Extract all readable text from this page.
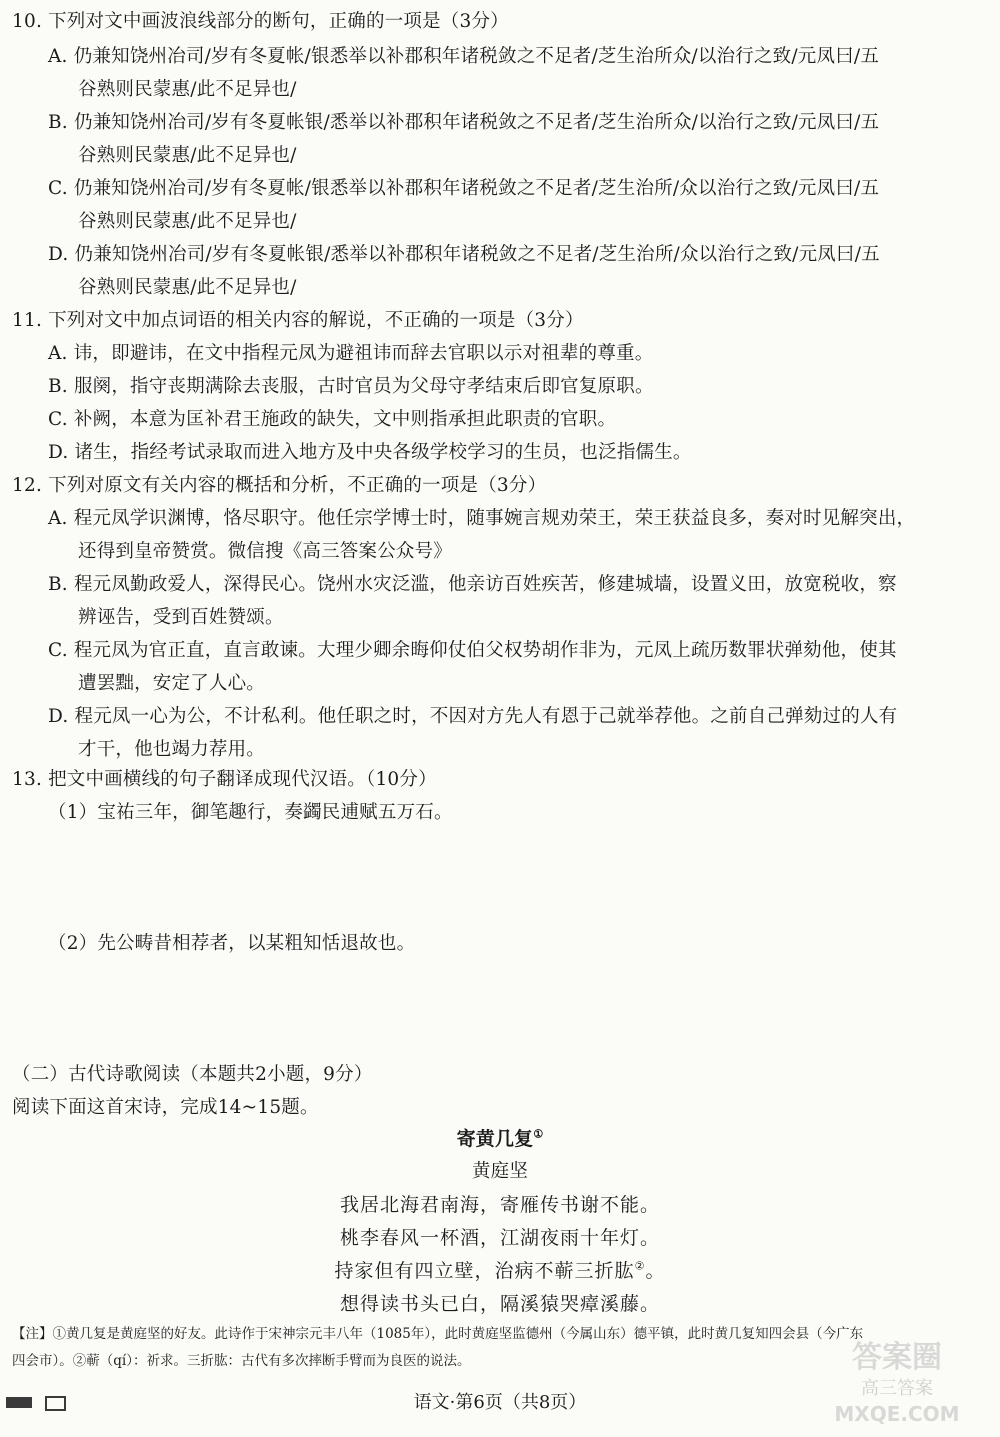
10. 下列对文中画波浪线部分的断句，正确的一项是（3分）
A. 仍兼知饶州冶司/岁有冬夏帐/银悉举以补郡积年诸税敛之不足者/芝生治所众/以治行之致/元凤曰/五
谷熟则民蒙惠/此不足异也/
B. 仍兼知饶州冶司/岁有冬夏帐银/悉举以补郡积年诸税敛之不足者/芝生治所众/以治行之致/元凤曰/五
谷熟则民蒙惠/此不足异也/
C. 仍兼知饶州冶司/岁有冬夏帐/银悉举以补郡积年诸税敛之不足者/芝生治所/众以治行之致/元凤曰/五
谷熟则民蒙惠/此不足异也/
D. 仍兼知饶州冶司/岁有冬夏帐银/悉举以补郡积年诸税敛之不足者/芝生治所/众以治行之致/元凤曰/五
谷熟则民蒙惠/此不足异也/
11. 下列对文中加点词语的相关内容的解说，不正确的一项是（3分）
A. 讳，即避讳，在文中指程元凤为避祖讳而辞去官职以示对祖辈的尊重。
B. 服阕，指守丧期满除去丧服，古时官员为父母守孝结束后即官复原职。
C. 补阙，本意为匡补君王施政的缺失，文中则指承担此职责的官职。
D. 诸生，指经考试录取而进入地方及中央各级学校学习的生员，也泛指儒生。
12. 下列对原文有关内容的概括和分析，不正确的一项是（3分）
A. 程元凤学识渊博，恪尽职守。他任宗学博士时，随事婉言规劝荣王，荣王获益良多，奏对时见解突出，
还得到皇帝赞赏。微信搜《高三答案公众号》
B. 程元凤勤政爱人，深得民心。饶州水灾泛滥，他亲访百姓疾苦，修建城墙，设置义田，放宽税收，察
辨诬告，受到百姓赞颂。
C. 程元凤为官正直，直言敢谏。大理少卿余晦仰仗伯父权势胡作非为，元凤上疏历数罪状弹劾他，使其
遭罢黜，安定了人心。
D. 程元凤一心为公，不计私利。他任职之时，不因对方先人有恩于己就举荐他。之前自己弹劾过的人有
才干，他也竭力荐用。
13. 把文中画横线的句子翻译成现代汉语。（10分）
（1）宝祐三年，御笔趣行，奏蠲民逋赋五万石。
（2）先公畴昔相荐者，以某粗知恬退故也。
（二）古代诗歌阅读（本题共2小题，9分）
阅读下面这首宋诗，完成14~15题。
寄黄几复①
黄庭坚
我居北海君南海，寄雁传书谢不能。
桃李春风一杯酒，江湖夜雨十年灯。
持家但有四立壁，治病不蕲三折肱②。
想得读书头已白，隔溪猿哭瘴溪藤。
【注】①黄几复是黄庭坚的好友。此诗作于宋神宗元丰八年（1085年），此时黄庭坚监德州（今属山东）德平镇，此时黄几复知四会县（今广东
四会市）。②蕲（qí）：祈求。三折肱：古代有多次摔断手臂而为良医的说法。
语文·第6页（共8页）
答案圈
高三答案
MXQE.COM
